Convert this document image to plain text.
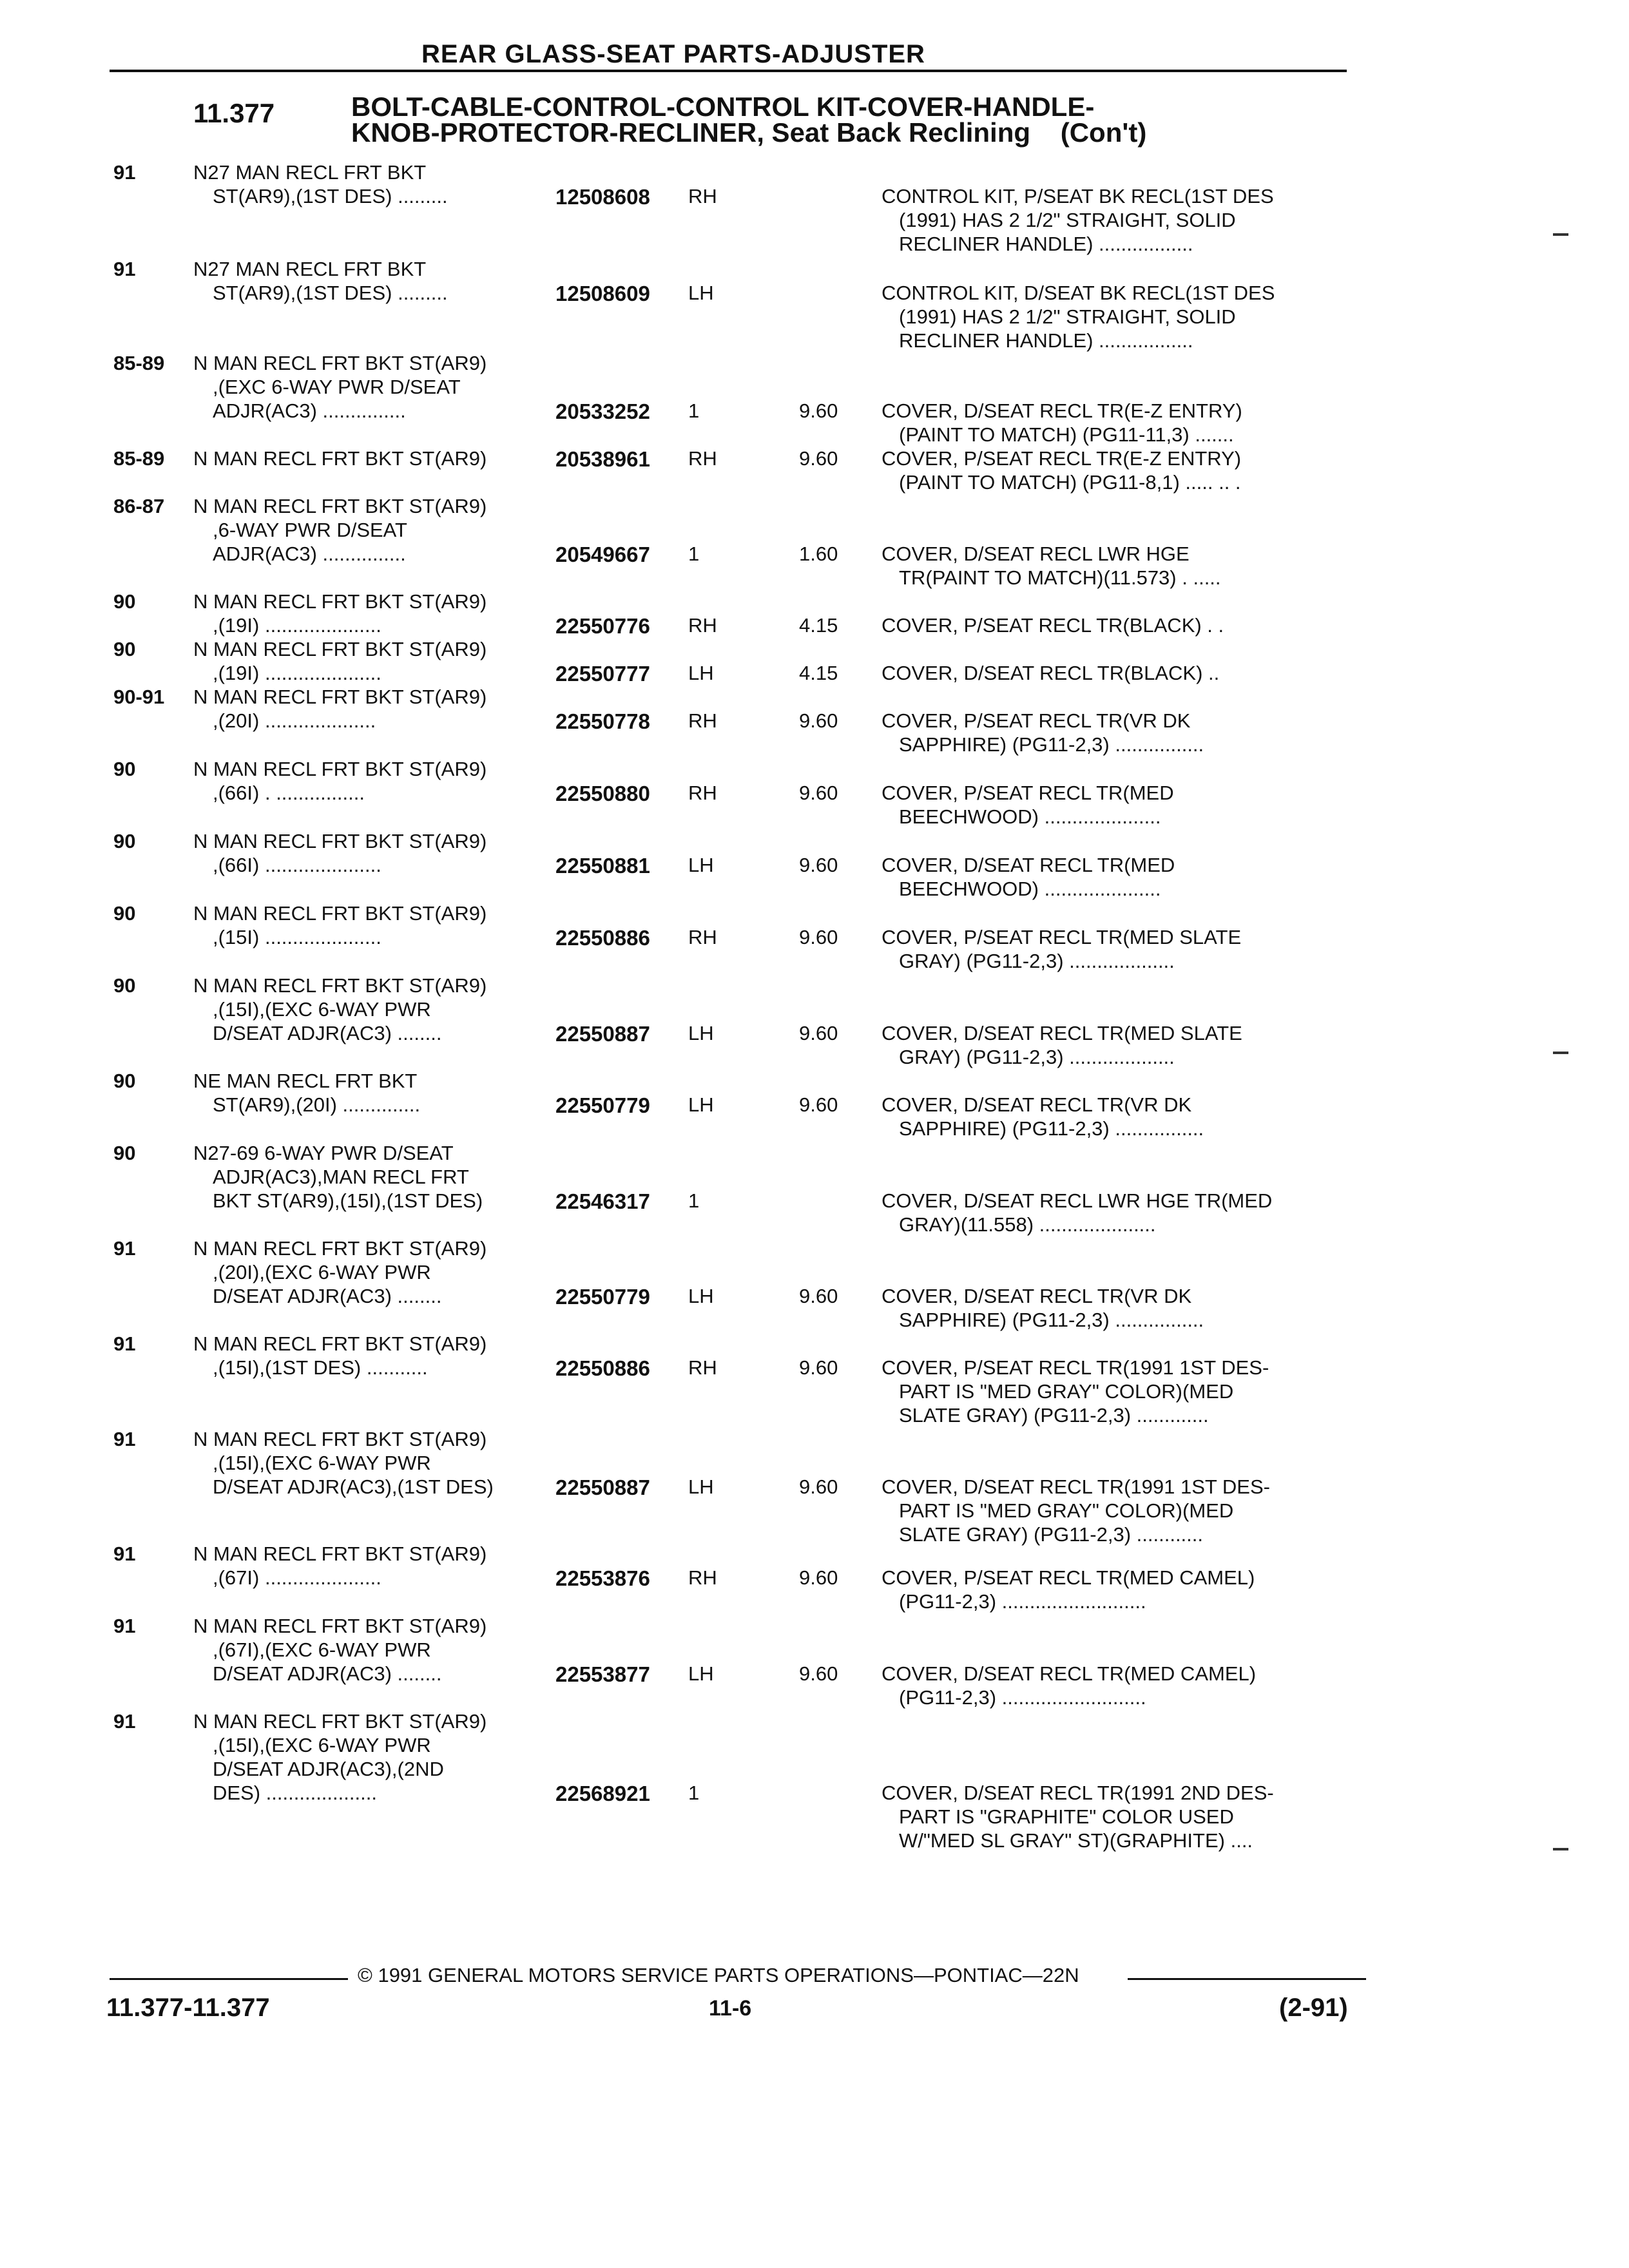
REAR GLASS-SEAT PARTS-ADJUSTER
11.377	BOLT-CABLE-CONTROL-CONTROL KIT-COVER-HANDLE-
KNOB-PROTECTOR-RECLINER, Seat Back Reclining (Con't)
91	N27 MAN RECL FRT BKT
ST(AR9),(1ST DES) .........	12508608 RH	CONTROL KIT, P/SEAT BK RECL(1ST DES
(1991) HAS 2 1/2" STRAIGHT, SOLID
RECLINER HANDLE) .................
91	N27 MAN RECL FRT BKT
ST(AR9),(1ST DES) .........	12508609 LH	CONTROL KIT, D/SEAT BK RECL(1ST DES
(1991) HAS 2 1/2" STRAIGHT, SOLID
RECLINER HANDLE) .................
85-89 N MAN RECL FRT BKT ST(AR9)
,(EXC 6-WAY PWR D/SEAT
ADJR(AC3) ...............	20533252 1	9.60 COVER, D/SEAT RECL TR(E-Z ENTRY)
(PAINT TO MATCH) (PG11-11,3) .......
85-89 N MAN RECL FRT BKT ST(AR9)	20538961 RH	9.60 COVER, P/SEAT RECL TR(E-Z ENTRY)
(PAINT TO MATCH) (PG11-8,1) ..... .. .
86-87 N MAN RECL FRT BKT ST(AR9)
,6-WAY PWR D/SEAT
ADJR(AC3) ...............	20549667 1	1.60 COVER, D/SEAT RECL LWR HGE
TR(PAINT TO MATCH)(11.573) . .....
90	N MAN RECL FRT BKT ST(AR9)
,(19I) .....................	22550776 RH	4.15 COVER, P/SEAT RECL TR(BLACK) . .
90	N MAN RECL FRT BKT ST(AR9)
,(19I) .....................	22550777 LH	4.15 COVER, D/SEAT RECL TR(BLACK) ..
90-91 N MAN RECL FRT BKT ST(AR9)
,(20I) ....................	22550778 RH	9.60 COVER, P/SEAT RECL TR(VR DK
SAPPHIRE) (PG11-2,3) ................
90	N MAN RECL FRT BKT ST(AR9)
,(66I) . ................	22550880 RH	9.60 COVER, P/SEAT RECL TR(MED
BEECHWOOD) .....................
90	N MAN RECL FRT BKT ST(AR9)
,(66I) .....................	22550881 LH	9.60 COVER, D/SEAT RECL TR(MED
BEECHWOOD) .....................
90	N MAN RECL FRT BKT ST(AR9)
,(15I) .....................	22550886 RH	9.60 COVER, P/SEAT RECL TR(MED SLATE
GRAY) (PG11-2,3) ...................
90	N MAN RECL FRT BKT ST(AR9)
,(15I),(EXC 6-WAY PWR
D/SEAT ADJR(AC3) ........	22550887 LH	9.60 COVER, D/SEAT RECL TR(MED SLATE
GRAY) (PG11-2,3) ...................
90	NE MAN RECL FRT BKT
ST(AR9),(20I) ..............	22550779 LH	9.60 COVER, D/SEAT RECL TR(VR DK
SAPPHIRE) (PG11-2,3) ................
90	N27-69 6-WAY PWR D/SEAT
ADJR(AC3),MAN RECL FRT
BKT ST(AR9),(15I),(1ST DES)	22546317 1	COVER, D/SEAT RECL LWR HGE TR(MED
GRAY)(11.558) .....................
91	N MAN RECL FRT BKT ST(AR9)
,(20I),(EXC 6-WAY PWR
D/SEAT ADJR(AC3) ........	22550779 LH	9.60 COVER, D/SEAT RECL TR(VR DK
SAPPHIRE) (PG11-2,3) ................
91	N MAN RECL FRT BKT ST(AR9)
,(15I),(1ST DES) ...........	22550886 RH	9.60 COVER, P/SEAT RECL TR(1991 1ST DES-
PART IS "MED GRAY" COLOR)(MED
SLATE GRAY) (PG11-2,3) .............
91	N MAN RECL FRT BKT ST(AR9)
,(15I),(EXC 6-WAY PWR
D/SEAT ADJR(AC3),(1ST DES)	22550887 LH	9.60 COVER, D/SEAT RECL TR(1991 1ST DES-
PART IS "MED GRAY" COLOR)(MED
SLATE GRAY) (PG11-2,3) ............
91	N MAN RECL FRT BKT ST(AR9)
,(67I) .....................	22553876 RH	9.60 COVER, P/SEAT RECL TR(MED CAMEL)
(PG11-2,3) ..........................
91	N MAN RECL FRT BKT ST(AR9)
,(67I),(EXC 6-WAY PWR
D/SEAT ADJR(AC3) ........	22553877 LH	9.60 COVER, D/SEAT RECL TR(MED CAMEL)
(PG11-2,3) ..........................
91	N MAN RECL FRT BKT ST(AR9)
,(15I),(EXC 6-WAY PWR
D/SEAT ADJR(AC3),(2ND
DES) ....................	22568921 1	COVER, D/SEAT RECL TR(1991 2ND DES-
PART IS "GRAPHITE" COLOR USED
W/"MED SL GRAY" ST)(GRAPHITE) ....
© 1991 GENERAL MOTORS SERVICE PARTS OPERATIONS—PONTIAC—22N
11.377-11.377	11-6	(2-91)
